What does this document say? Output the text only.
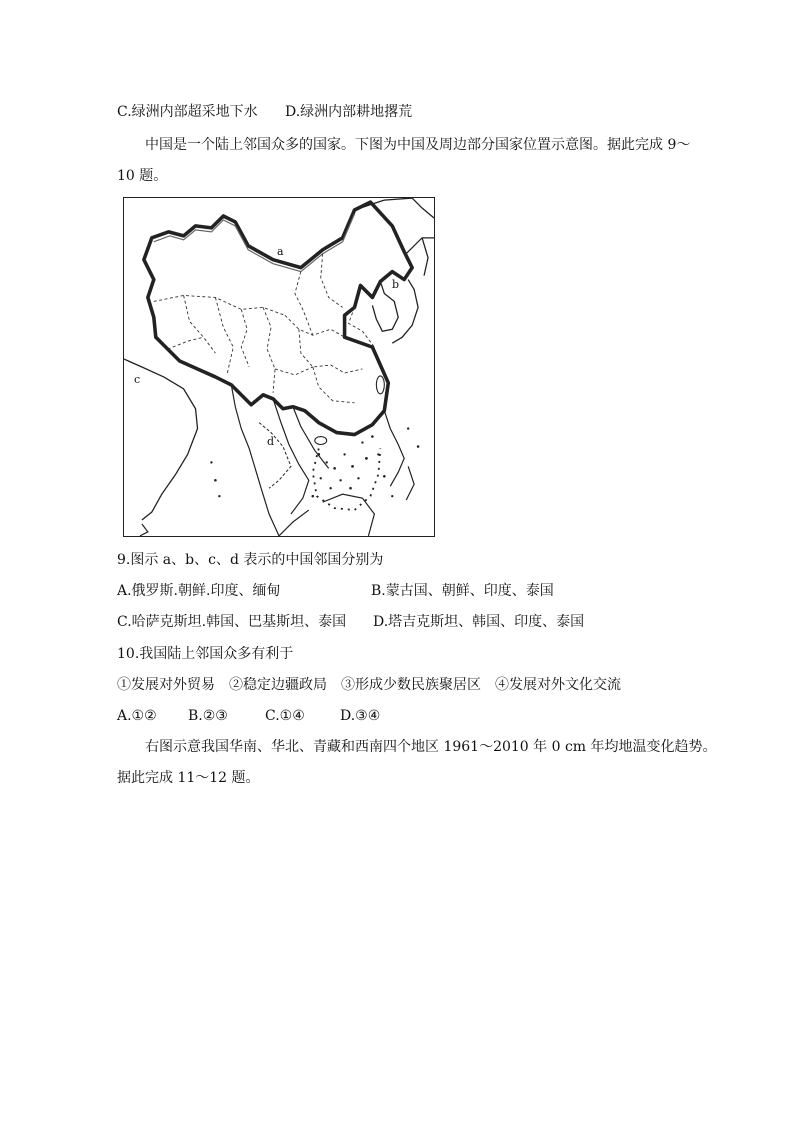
C.绿洲内部超采地下水 D.绿洲内部耕地撂荒
中国是一个陆上邻国众多的国家。下图为中国及周边部分国家位置示意图。据此完成 9～
10 题。
a
b
c
d
9.图示 a、b、c、d 表示的中国邻国分别为
A.俄罗斯.朝鲜.印度、缅甸	B.蒙古国、朝鲜、印度、泰国
C.哈萨克斯坦.韩国、巴基斯坦、泰国 D.塔吉克斯坦、韩国、印度、泰国
10.我国陆上邻国众多有利于
①发展对外贸易　②稳定边疆政局　③形成少数民族聚居区　④发展对外文化交流
A.①② B.②③	C.①④	D.③④
右图示意我国华南、华北、青藏和西南四个地区 1961～2010 年 0 cm 年均地温变化趋势。
据此完成 11～12 题。
